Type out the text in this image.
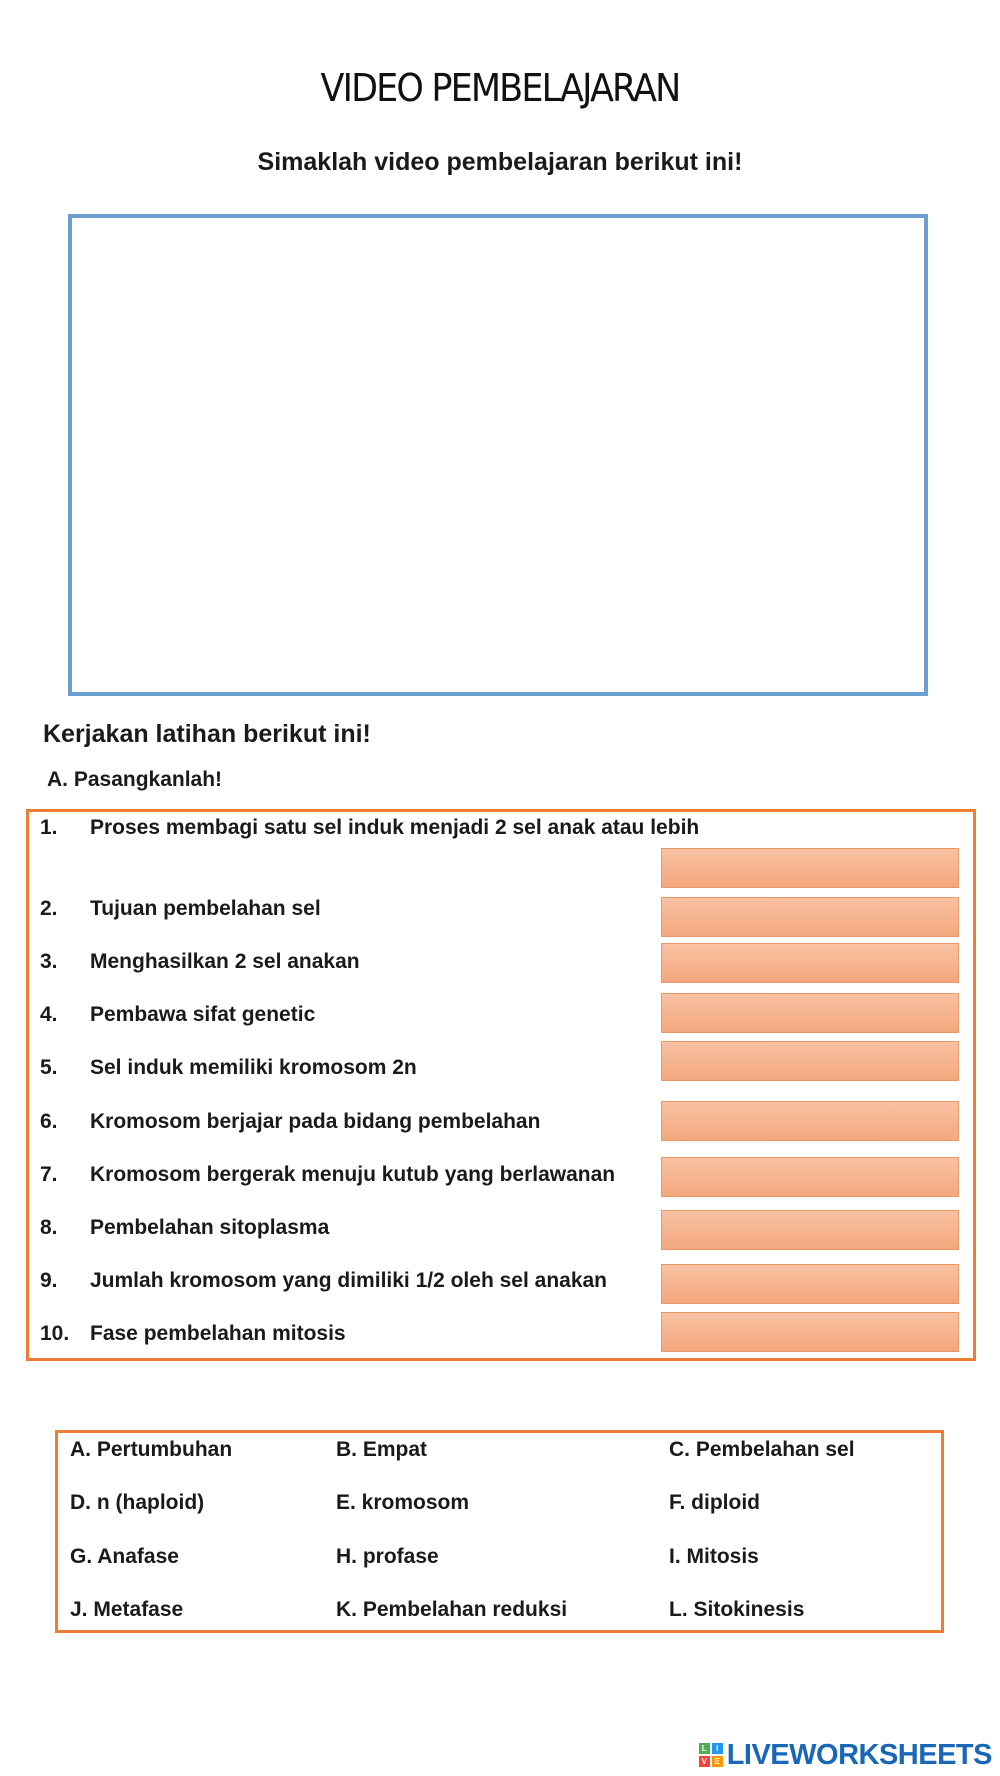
VIDEO PEMBELAJARAN
Simaklah video pembelajaran berikut ini!
Kerjakan latihan berikut ini!
A. Pasangkanlah!
1. Proses membagi satu sel induk menjadi 2 sel anak atau lebih
2. Tujuan pembelahan sel
3. Menghasilkan 2 sel anakan
4. Pembawa sifat genetic
5. Sel induk memiliki kromosom 2n
6. Kromosom berjajar pada bidang pembelahan
7. Kromosom bergerak menuju kutub yang berlawanan
8. Pembelahan sitoplasma
9. Jumlah kromosom yang dimiliki 1/2 oleh sel anakan
10. Fase pembelahan mitosis
A. Pertumbuhan	B. Empat	C. Pembelahan sel
D. n (haploid)	E. kromosom	F. diploid
G. Anafase	H. profase	I. Mitosis
J. Metafase	K. Pembelahan reduksi	L. Sitokinesis
L	I
V E LIVEWORKSHEETS
